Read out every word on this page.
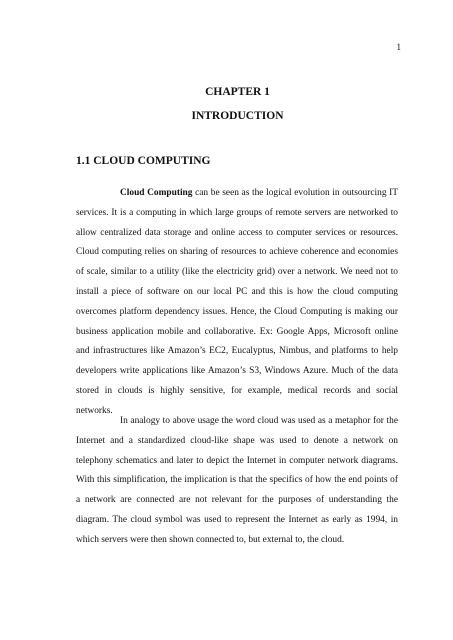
1
CHAPTER 1
INTRODUCTION
1.1 CLOUD COMPUTING

Cloud Computing can be seen as the logical evolution in outsourcing IT services. It is a computing in which large groups of remote servers are networked to allow centralized data storage and online access to computer services or resources. Cloud computing relies on sharing of resources to achieve coherence and economies of scale, similar to a utility (like the electricity grid) over a network. We need not to install a piece of software on our local PC and this is how the cloud computing overcomes platform dependency issues. Hence, the Cloud Computing is making our business application mobile and collaborative. Ex: Google Apps, Microsoft online and infrastructures like Amazon’s EC2, Eucalyptus, Nimbus, and platforms to help developers write applications like Amazon’s S3, Windows Azure. Much of the data stored in clouds is highly sensitive, for example, medical records and social networks.

In analogy to above usage the word cloud was used as a metaphor for the Internet and a standardized cloud-like shape was used to denote a network on telephony schematics and later to depict the Internet in computer network diagrams. With this simplification, the implication is that the specifics of how the end points of a network are connected are not relevant for the purposes of understanding the diagram. The cloud symbol was used to represent the Internet as early as 1994, in which servers were then shown connected to, but external to, the cloud.
